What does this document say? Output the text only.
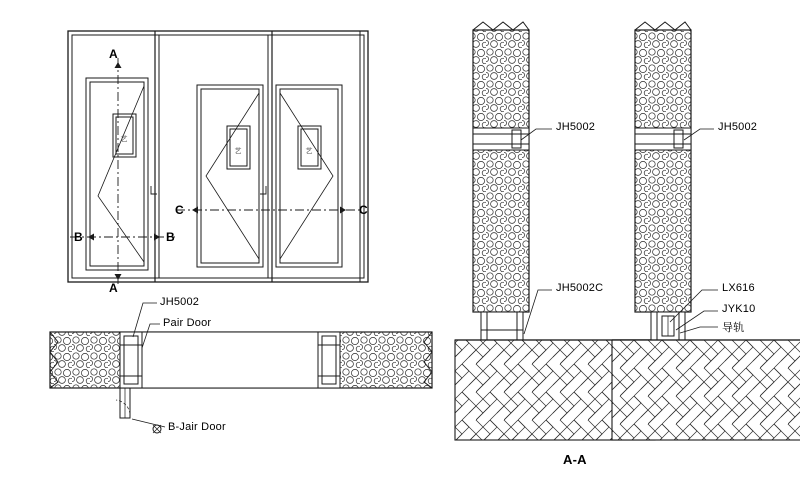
艺
艺	艺
A
A
B	B
C	C
JH5002
Pair Door
B-Jair Door
JH5002
JH5002C
JH5002
LX616
JYK10
导轨
A-A
